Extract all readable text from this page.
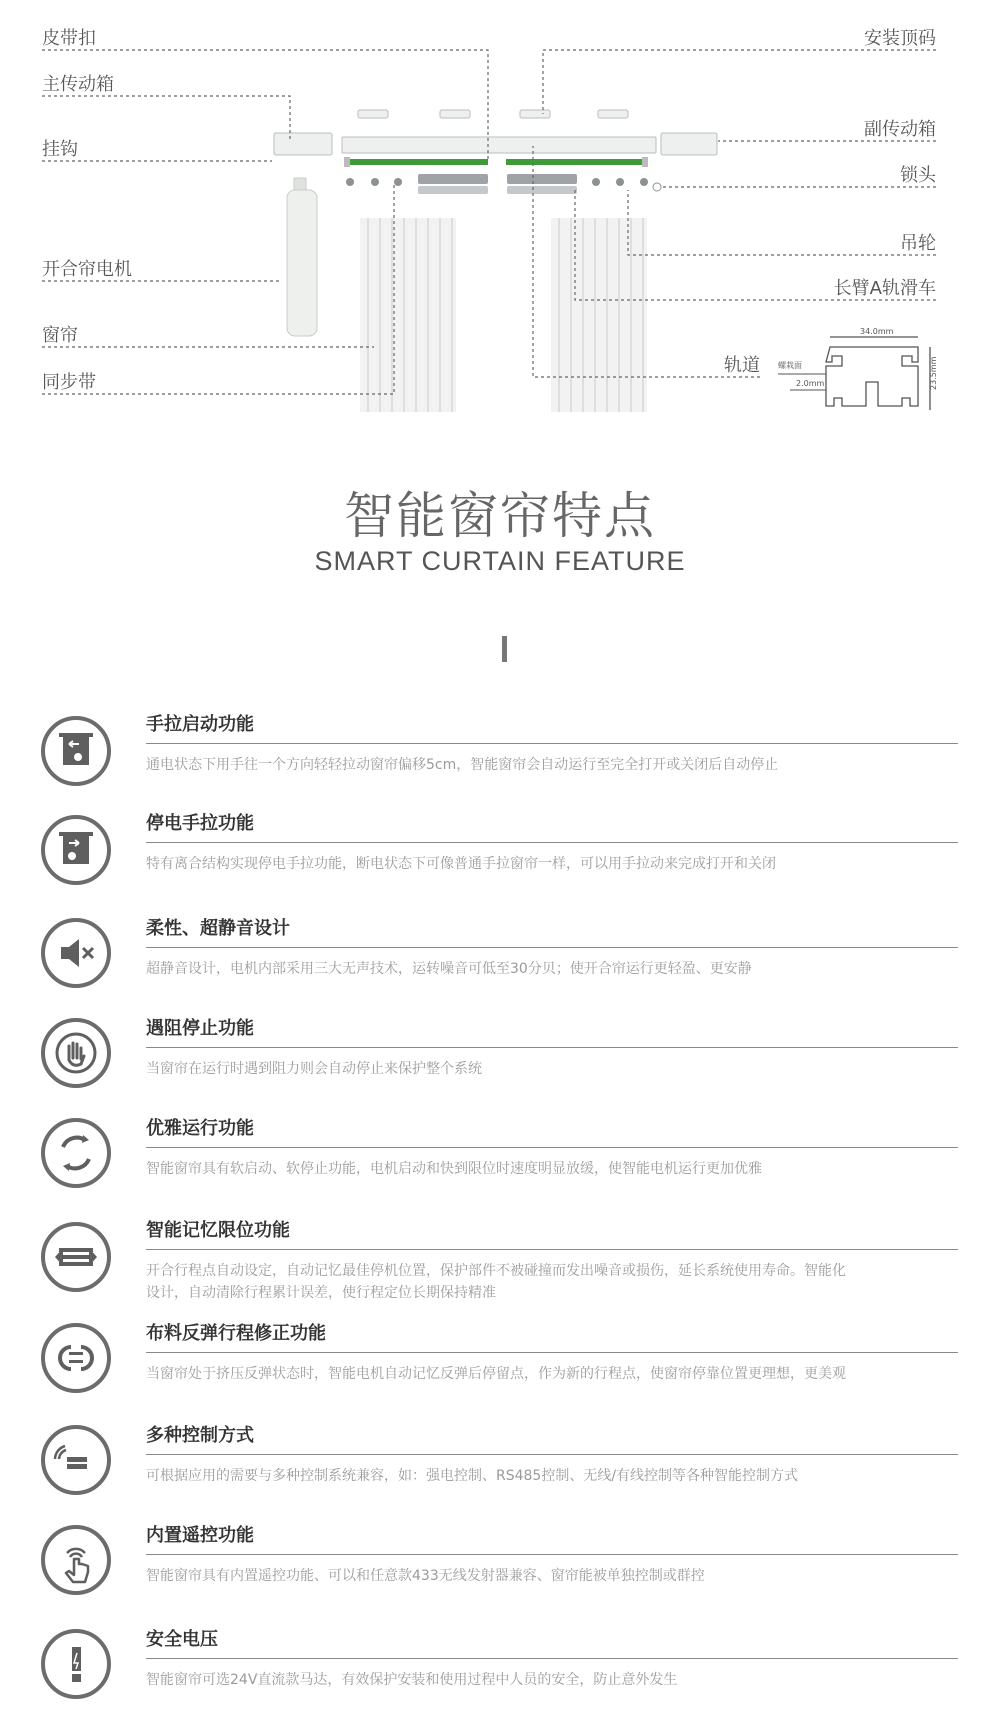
34.0mm
23.5mm
螺栽面
2.0mm
皮带扣
主传动箱
挂钩
开合帘电机
窗帘
同步带
安装顶码
副传动箱
锁头
吊轮
长臂A轨滑车
轨道
智能窗帘特点
SMART CURTAIN FEATURE
手拉启动功能
通电状态下用手往一个方向轻轻拉动窗帘偏移5cm，智能窗帘会自动运行至完全打开或关闭后自动停止
停电手拉功能
特有离合结构实现停电手拉功能，断电状态下可像普通手拉窗帘一样，可以用手拉动来完成打开和关闭
柔性、超静音设计
超静音设计，电机内部采用三大无声技术，运转噪音可低至30分贝；使开合帘运行更轻盈、更安静
遇阻停止功能
当窗帘在运行时遇到阻力则会自动停止来保护整个系统
优雅运行功能
智能窗帘具有软启动、软停止功能，电机启动和快到限位时速度明显放缓，使智能电机运行更加优雅
智能记忆限位功能
开合行程点自动设定，自动记忆最佳停机位置，保护部件不被碰撞而发出噪音或损伤，延长系统使用寿命。智能化设计，自动清除行程累计误差，使行程定位长期保持精准
布料反弹行程修正功能
当窗帘处于挤压反弹状态时，智能电机自动记忆反弹后停留点，作为新的行程点，使窗帘停靠位置更理想，更美观
多种控制方式
可根据应用的需要与多种控制系统兼容，如：强电控制、RS485控制、无线/有线控制等各种智能控制方式
内置遥控功能
智能窗帘具有内置遥控功能、可以和任意款433无线发射器兼容、窗帘能被单独控制或群控
安全电压
智能窗帘可选24V直流款马达，有效保护安装和使用过程中人员的安全，防止意外发生
